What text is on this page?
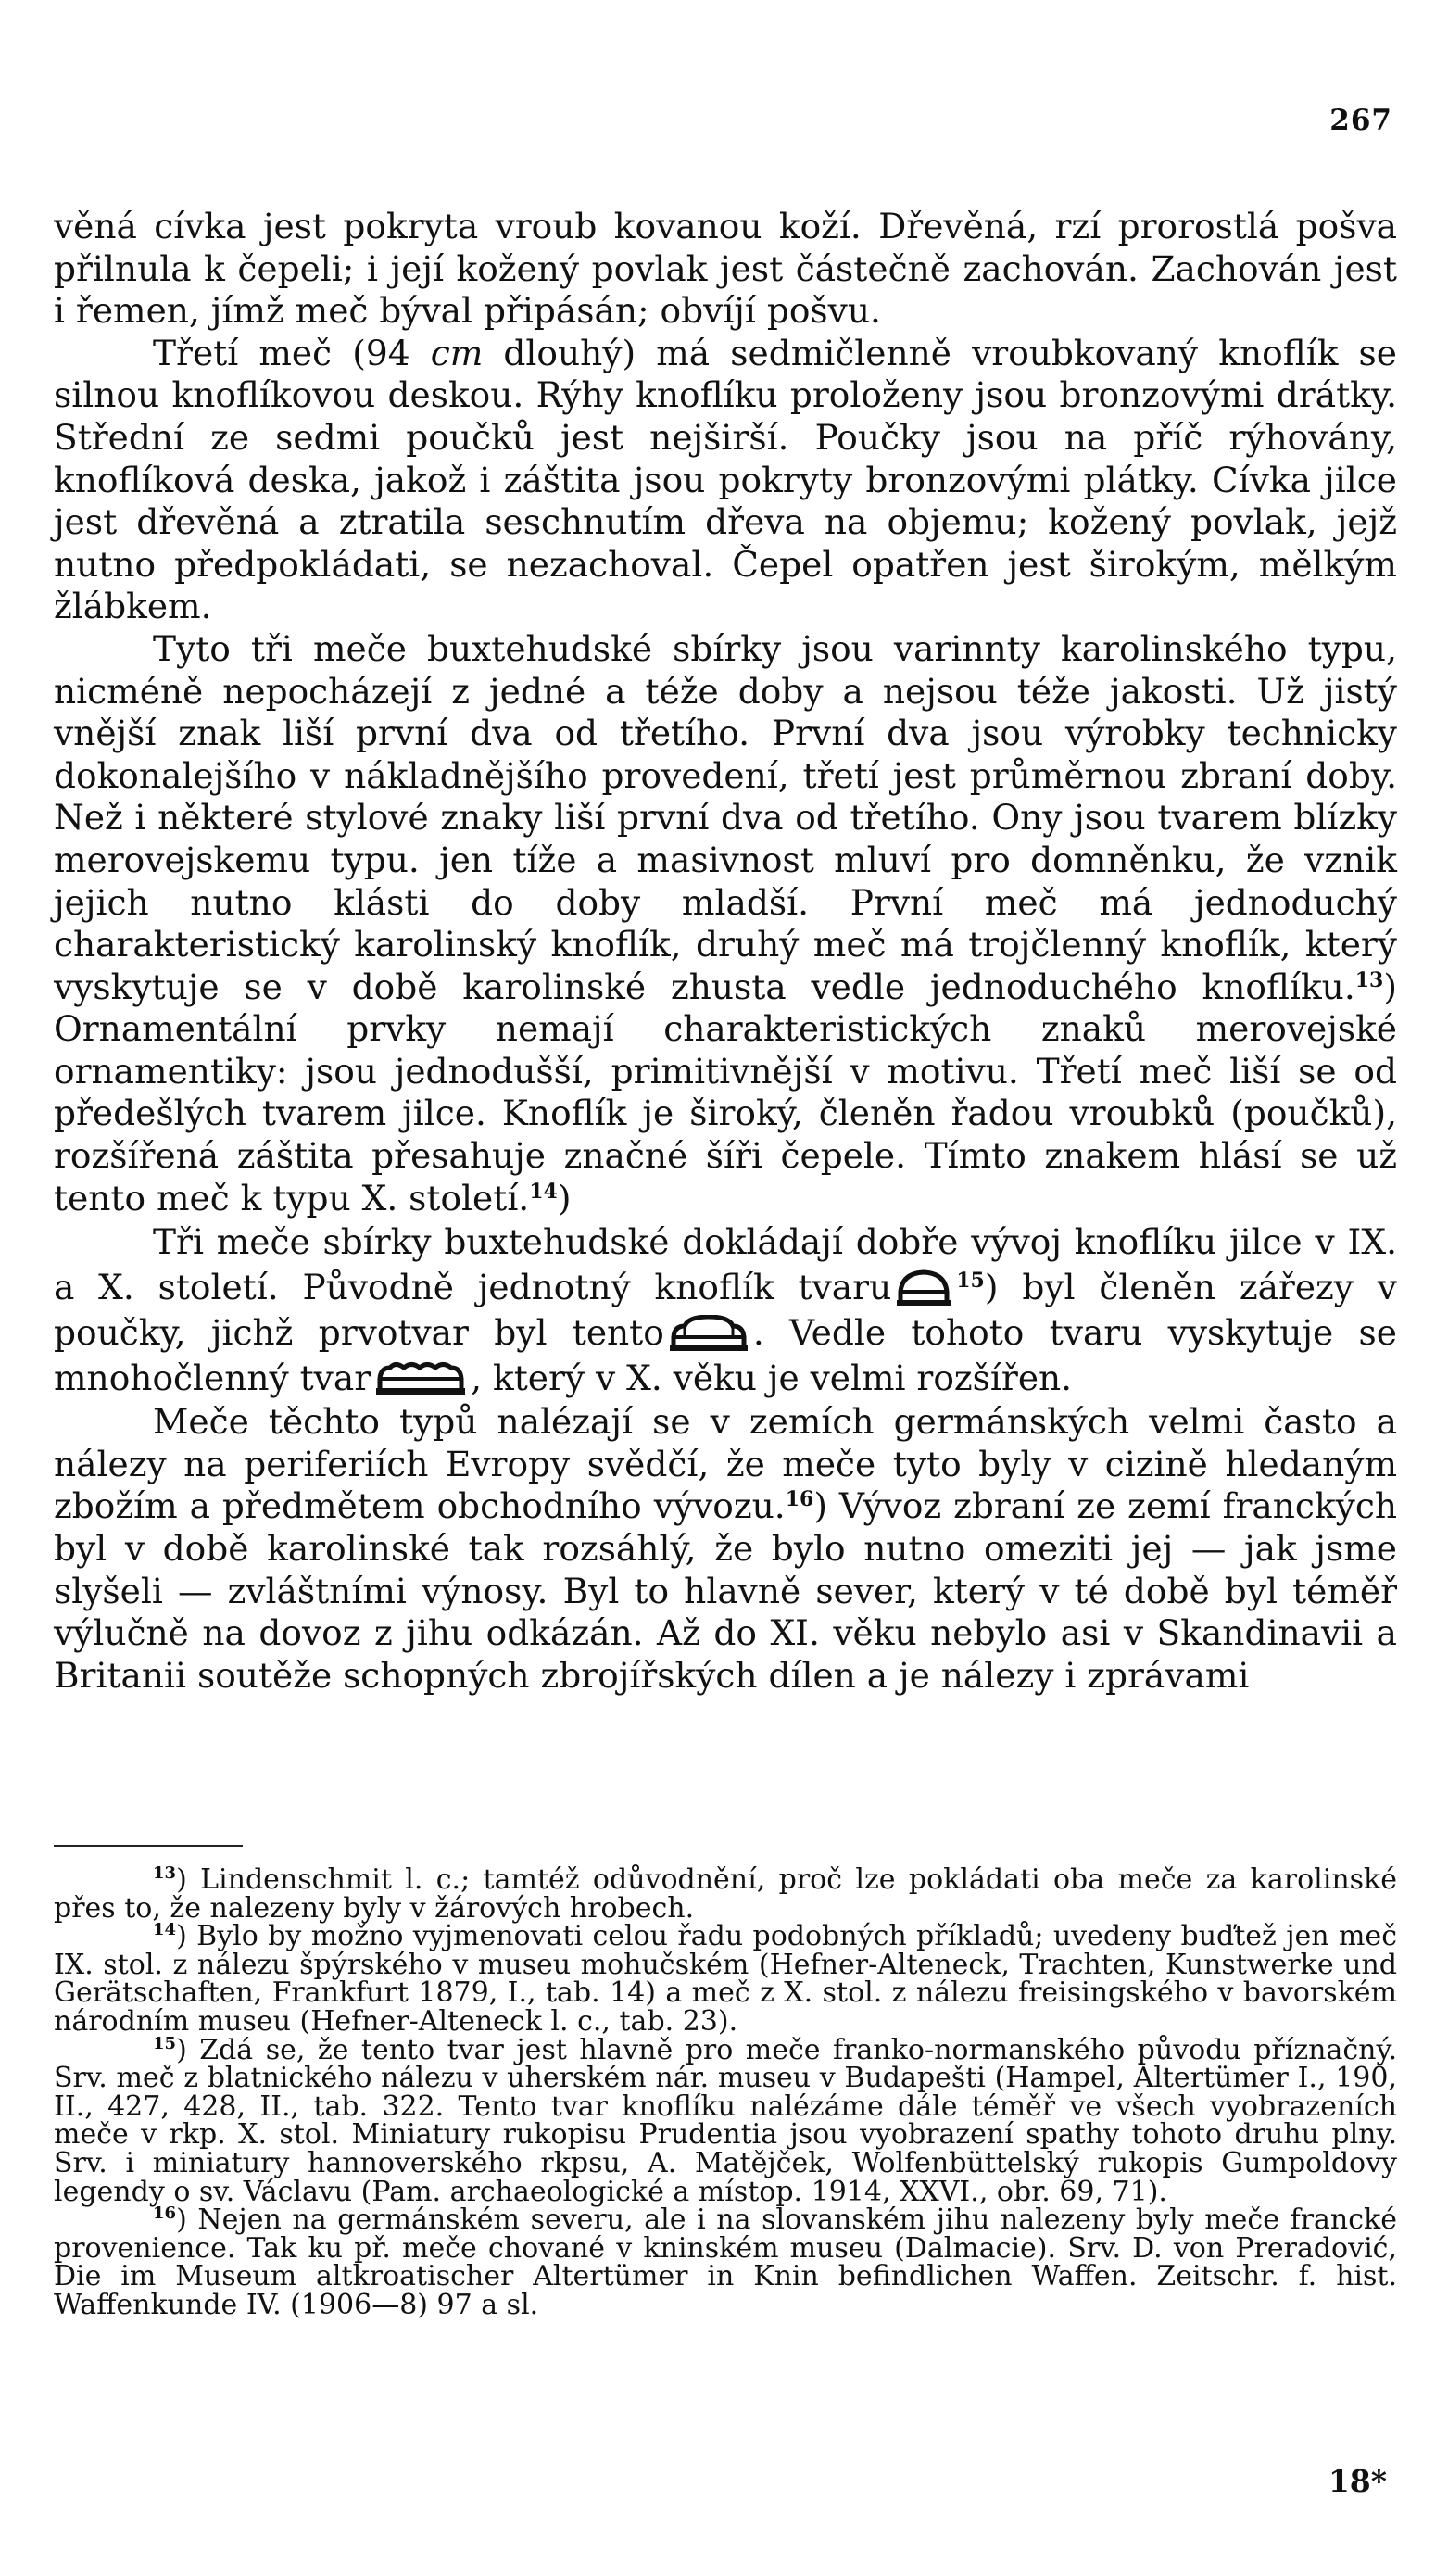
267

věná cívka jest pokryta vroub kovanou koží. Dřevěná, rzí prorostlá pošva přilnula k čepeli; i její kožený povlak jest částečně zachován. Zachován jest i řemen, jímž meč býval připásán; obvíjí pošvu.

Třetí meč (94 cm dlouhý) má sedmičlenně vroubkovaný knoflík se silnou knoflíkovou deskou. Rýhy knoflíku proloženy jsou bronzovými drátky. Střední ze sedmi poučků jest nejširší. Poučky jsou na příč rýhovány, knoflíková deska, jakož i záštita jsou pokryty bronzovými plátky. Cívka jilce jest dřevěná a ztratila seschnutím dřeva na objemu; kožený povlak, jejž nutno předpokládati, se nezachoval. Čepel opatřen jest širokým, mělkým žlábkem.

Tyto tři meče buxtehudské sbírky jsou varinnty karolinského typu, nicméně nepocházejí z jedné a téže doby a nejsou téže jakosti. Už jistý vnější znak liší první dva od třetího. První dva jsou výrobky technicky dokonalejšího v nákladnějšího provedení, třetí jest průměrnou zbraní doby. Než i některé stylové znaky liší první dva od třetího. Ony jsou tvarem blízky merovejskemu typu. jen tíže a masivnost mluví pro domněnku, že vznik jejich nutno klásti do doby mladší. První meč má jednoduchý charakteristický karolinský knoflík, druhý meč má trojčlenný knoflík, který vyskytuje se v době karolinské zhusta vedle jednoduchého knoflíku.$^{13}$) Ornamentální prvky nemají charakteristických znaků merovejské ornamentiky: jsou jednodušší, primitivnější v motivu. Třetí meč liší se od předešlých tvarem jilce. Knoflík je široký, členěn řadou vroubků (poučků), rozšířená záštita přesahuje značné šíři čepele. Tímto znakem hlásí se už tento meč k typu X. století.$^{14}$)

Tři meče sbírky buxtehudské dokládají dobře vývoj knoflíku jilce v IX. a X. století. Původně jednotný knoflík tvaru	$^{15}$) byl členěn zářezy v poučky, jichž prvotvar byl tento	. Vedle tohoto tvaru vyskytuje se mnohočlenný tvar	, který v X. věku je velmi rozšířen.

Meče těchto typů nalézají se v zemích germánských velmi často a nálezy na periferiích Evropy svědčí, že meče tyto byly v cizině hledaným zbožím a předmětem obchodního vývozu.$^{16}$) Vývoz zbraní ze zemí franckých byl v době karolinské tak rozsáhlý, že bylo nutno omeziti jej — jak jsme slyšeli — zvláštními výnosy. Byl to hlavně sever, který v té době byl téměř výlučně na dovoz z jihu odkázán. Až do XI. věku nebylo asi v Skandinavii a Britanii soutěže schopných zbrojířských dílen a je nálezy i zprávami

$^{13}$) Lindenschmit l. c.; tamtéž odůvodnění, proč lze pokládati oba meče za karolinské přes to, že nalezeny byly v žárových hrobech.

$^{14}$) Bylo by možno vyjmenovati celou řadu podobných příkladů; uvedeny buďtež jen meč IX. stol. z nálezu špýrského v museu mohučském (Hefner-Alteneck, Trachten, Kunstwerke und Gerätschaften, Frankfurt 1879, I., tab. 14) a meč z X. stol. z nálezu freisingského v bavorském národním museu (Hefner-Alteneck l. c., tab. 23).

$^{15}$) Zdá se, že tento tvar jest hlavně pro meče franko-normanského původu příznačný. Srv. meč z blatnického nálezu v uherském nár. museu v Budapešti (Hampel, Altertümer I., 190, II., 427, 428, II., tab. 322. Tento tvar knoflíku nalézáme dále téměř ve všech vyobrazeních meče v rkp. X. stol. Miniatury rukopisu Prudentia jsou vyobrazení spathy tohoto druhu plny. Srv. i miniatury hannoverského rkpsu, A. Matějček, Wolfenbüttelský rukopis Gumpoldovy legendy o sv. Václavu (Pam. archaeologické a místop. 1914, XXVI., obr. 69, 71).

$^{16}$) Nejen na germánském severu, ale i na slovanském jihu nalezeny byly meče francké provenience. Tak ku př. meče chované v kninském museu (Dalmacie). Srv. D. von Preradović, Die im Museum altkroatischer Altertümer in Knin befindlichen Waffen. Zeitschr. f. hist. Waffenkunde IV. (1906—8) 97 a sl.

18*
